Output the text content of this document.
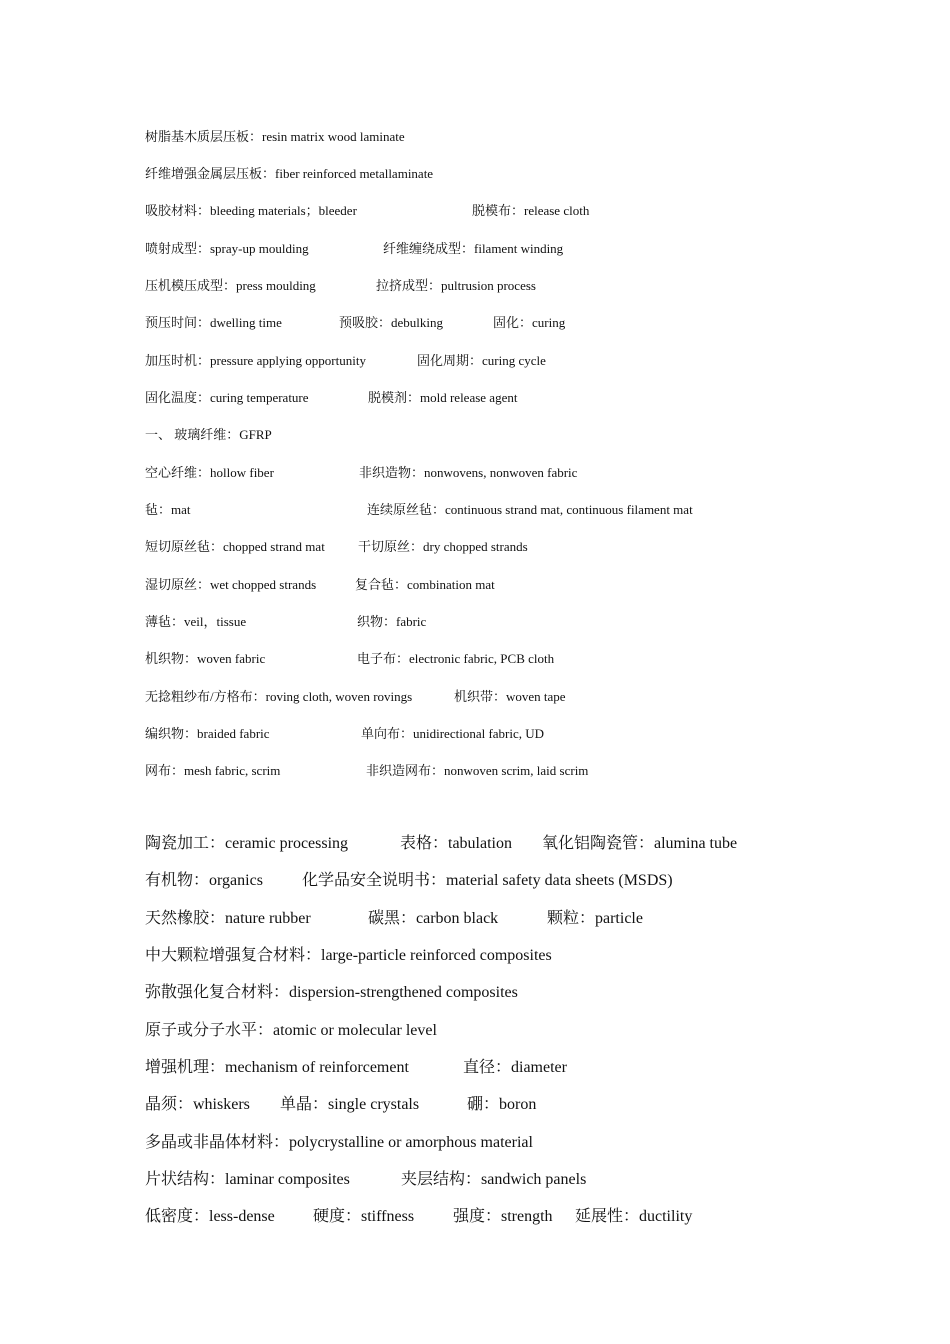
树脂基木质层压板：resin matrix wood laminate
纤维增强金属层压板：fiber reinforced metallaminate
吸胶材料：bleeding materials；bleeder	脱模布：release cloth
喷射成型：spray-up moulding	纤维缠绕成型：filament winding
压机模压成型：press moulding	拉挤成型：pultrusion process
预压时间：dwelling time	预吸胶：debulking	固化：curing
加压时机：pressure applying opportunity	固化周期：curing cycle
固化温度：curing temperature	脱模剂：mold release agent
一、 玻璃纤维：GFRP
空心纤维：hollow fiber	非织造物：nonwovens, nonwoven fabric
毡：mat	连续原丝毡：continuous strand mat, continuous filament mat
短切原丝毡：chopped strand mat	干切原丝：dry chopped strands
湿切原丝：wet chopped strands	复合毡：combination mat
薄毡：veil，tissue	织物：fabric
机织物：woven fabric	电子布：electronic fabric, PCB cloth
无捻粗纱布/方格布：roving cloth, woven rovings	机织带：woven tape
编织物：braided fabric	单向布：unidirectional fabric, UD
网布：mesh fabric, scrim	非织造网布：nonwoven scrim, laid scrim
陶瓷加工：ceramic processing	表格：tabulation 氧化铝陶瓷管：alumina tube
有机物：organics 化学品安全说明书：material safety data sheets (MSDS)
天然橡胶：nature rubber	碳黑：carbon black	颗粒：particle
中大颗粒增强复合材料：large-particle reinforced composites
弥散强化复合材料：dispersion-strengthened composites
原子或分子水平：atomic or molecular level
增强机理：mechanism of reinforcement	直径：diameter
晶须：whiskers 单晶：single crystals	硼：boron
多晶或非晶体材料：polycrystalline or amorphous material
片状结构：laminar composites	夹层结构：sandwich panels
低密度：less-dense 硬度：stiffness 强度：strength 延展性：ductility
